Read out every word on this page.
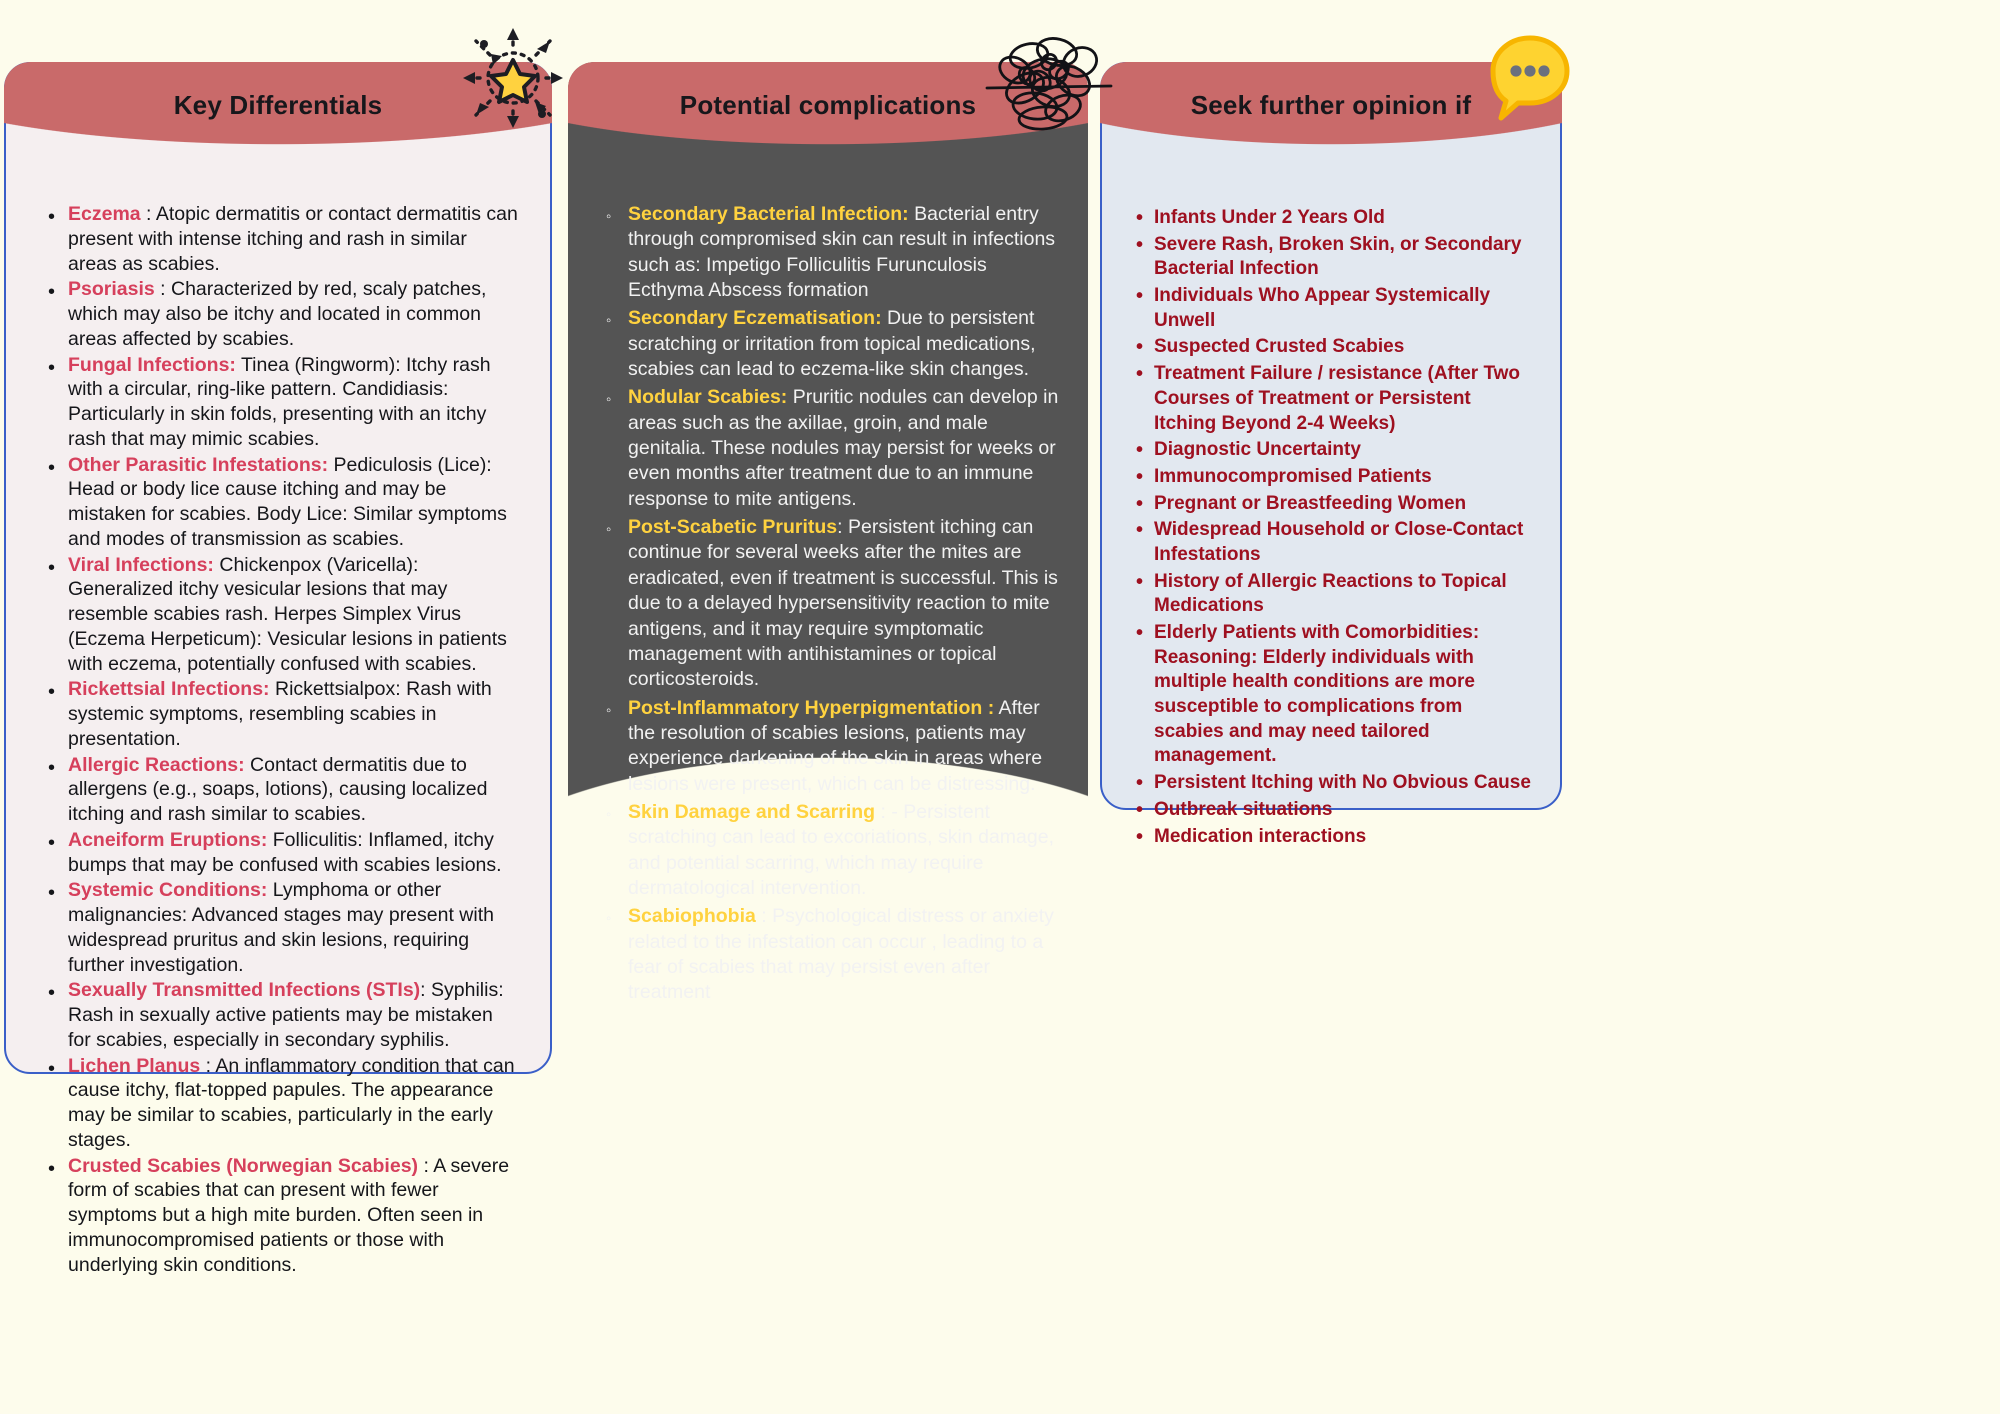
Key Differentials
• Eczema : Atopic dermatitis or contact dermatitis can present with intense itching and rash in similar areas as scabies.
• Psoriasis : Characterized by red, scaly patches, which may also be itchy and located in common areas affected by scabies.
• Fungal Infections: Tinea (Ringworm): Itchy rash with a circular, ring-like pattern. Candidiasis: Particularly in skin folds, presenting with an itchy rash that may mimic scabies.
• Other Parasitic Infestations: Pediculosis (Lice): Head or body lice cause itching and may be mistaken for scabies. Body Lice: Similar symptoms and modes of transmission as scabies.
• Viral Infections: Chickenpox (Varicella): Generalized itchy vesicular lesions that may resemble scabies rash. Herpes Simplex Virus (Eczema Herpeticum): Vesicular lesions in patients with eczema, potentially confused with scabies.
• Rickettsial Infections: Rickettsialpox: Rash with systemic symptoms, resembling scabies in presentation.
• Allergic Reactions: Contact dermatitis due to allergens (e.g., soaps, lotions), causing localized itching and rash similar to scabies.
• Acneiform Eruptions: Folliculitis: Inflamed, itchy bumps that may be confused with scabies lesions.
• Systemic Conditions: Lymphoma or other malignancies: Advanced stages may present with widespread pruritus and skin lesions, requiring further investigation.
• Sexually Transmitted Infections (STIs): Syphilis: Rash in sexually active patients may be mistaken for scabies, especially in secondary syphilis.
• Lichen Planus : An inflammatory condition that can cause itchy, flat-topped papules. The appearance may be similar to scabies, particularly in the early stages.
• Crusted Scabies (Norwegian Scabies) : A severe form of scabies that can present with fewer symptoms but a high mite burden. Often seen in immunocompromised patients or those with underlying skin conditions.
Potential complications
◦ Secondary Bacterial Infection: Bacterial entry through compromised skin can result in infections such as: Impetigo Folliculitis Furunculosis Ecthyma Abscess formation
◦ Secondary Eczematisation: Due to persistent scratching or irritation from topical medications, scabies can lead to eczema-like skin changes.
◦ Nodular Scabies: Pruritic nodules can develop in areas such as the axillae, groin, and male genitalia. These nodules may persist for weeks or even months after treatment due to an immune response to mite antigens.
◦ Post-Scabetic Pruritus: Persistent itching can continue for several weeks after the mites are eradicated, even if treatment is successful. This is due to a delayed hypersensitivity reaction to mite antigens, and it may require symptomatic management with antihistamines or topical corticosteroids.
◦ Post-Inflammatory Hyperpigmentation : After the resolution of scabies lesions, patients may experience darkening of the skin in areas where lesions were present, which can be distressing.
◦ Skin Damage and Scarring : - Persistent scratching can lead to excoriations, skin damage, and potential scarring, which may require dermatological intervention.
◦ Scabiophobia : Psychological distress or anxiety related to the infestation can occur , leading to a fear of scabies that may persist even after treatment
Seek further opinion if
• Infants Under 2 Years Old
• Severe Rash, Broken Skin, or Secondary Bacterial Infection
• Individuals Who Appear Systemically Unwell
• Suspected Crusted Scabies
• Treatment Failure / resistance (After Two Courses of Treatment or Persistent Itching Beyond 2-4 Weeks)
• Diagnostic Uncertainty
• Immunocompromised Patients
• Pregnant or Breastfeeding Women
• Widespread Household or Close-Contact Infestations
• History of Allergic Reactions to Topical Medications
• Elderly Patients with Comorbidities: Reasoning: Elderly individuals with multiple health conditions are more susceptible to complications from scabies and may need tailored management.
• Persistent Itching with No Obvious Cause
• Outbreak situations
• Medication interactions
